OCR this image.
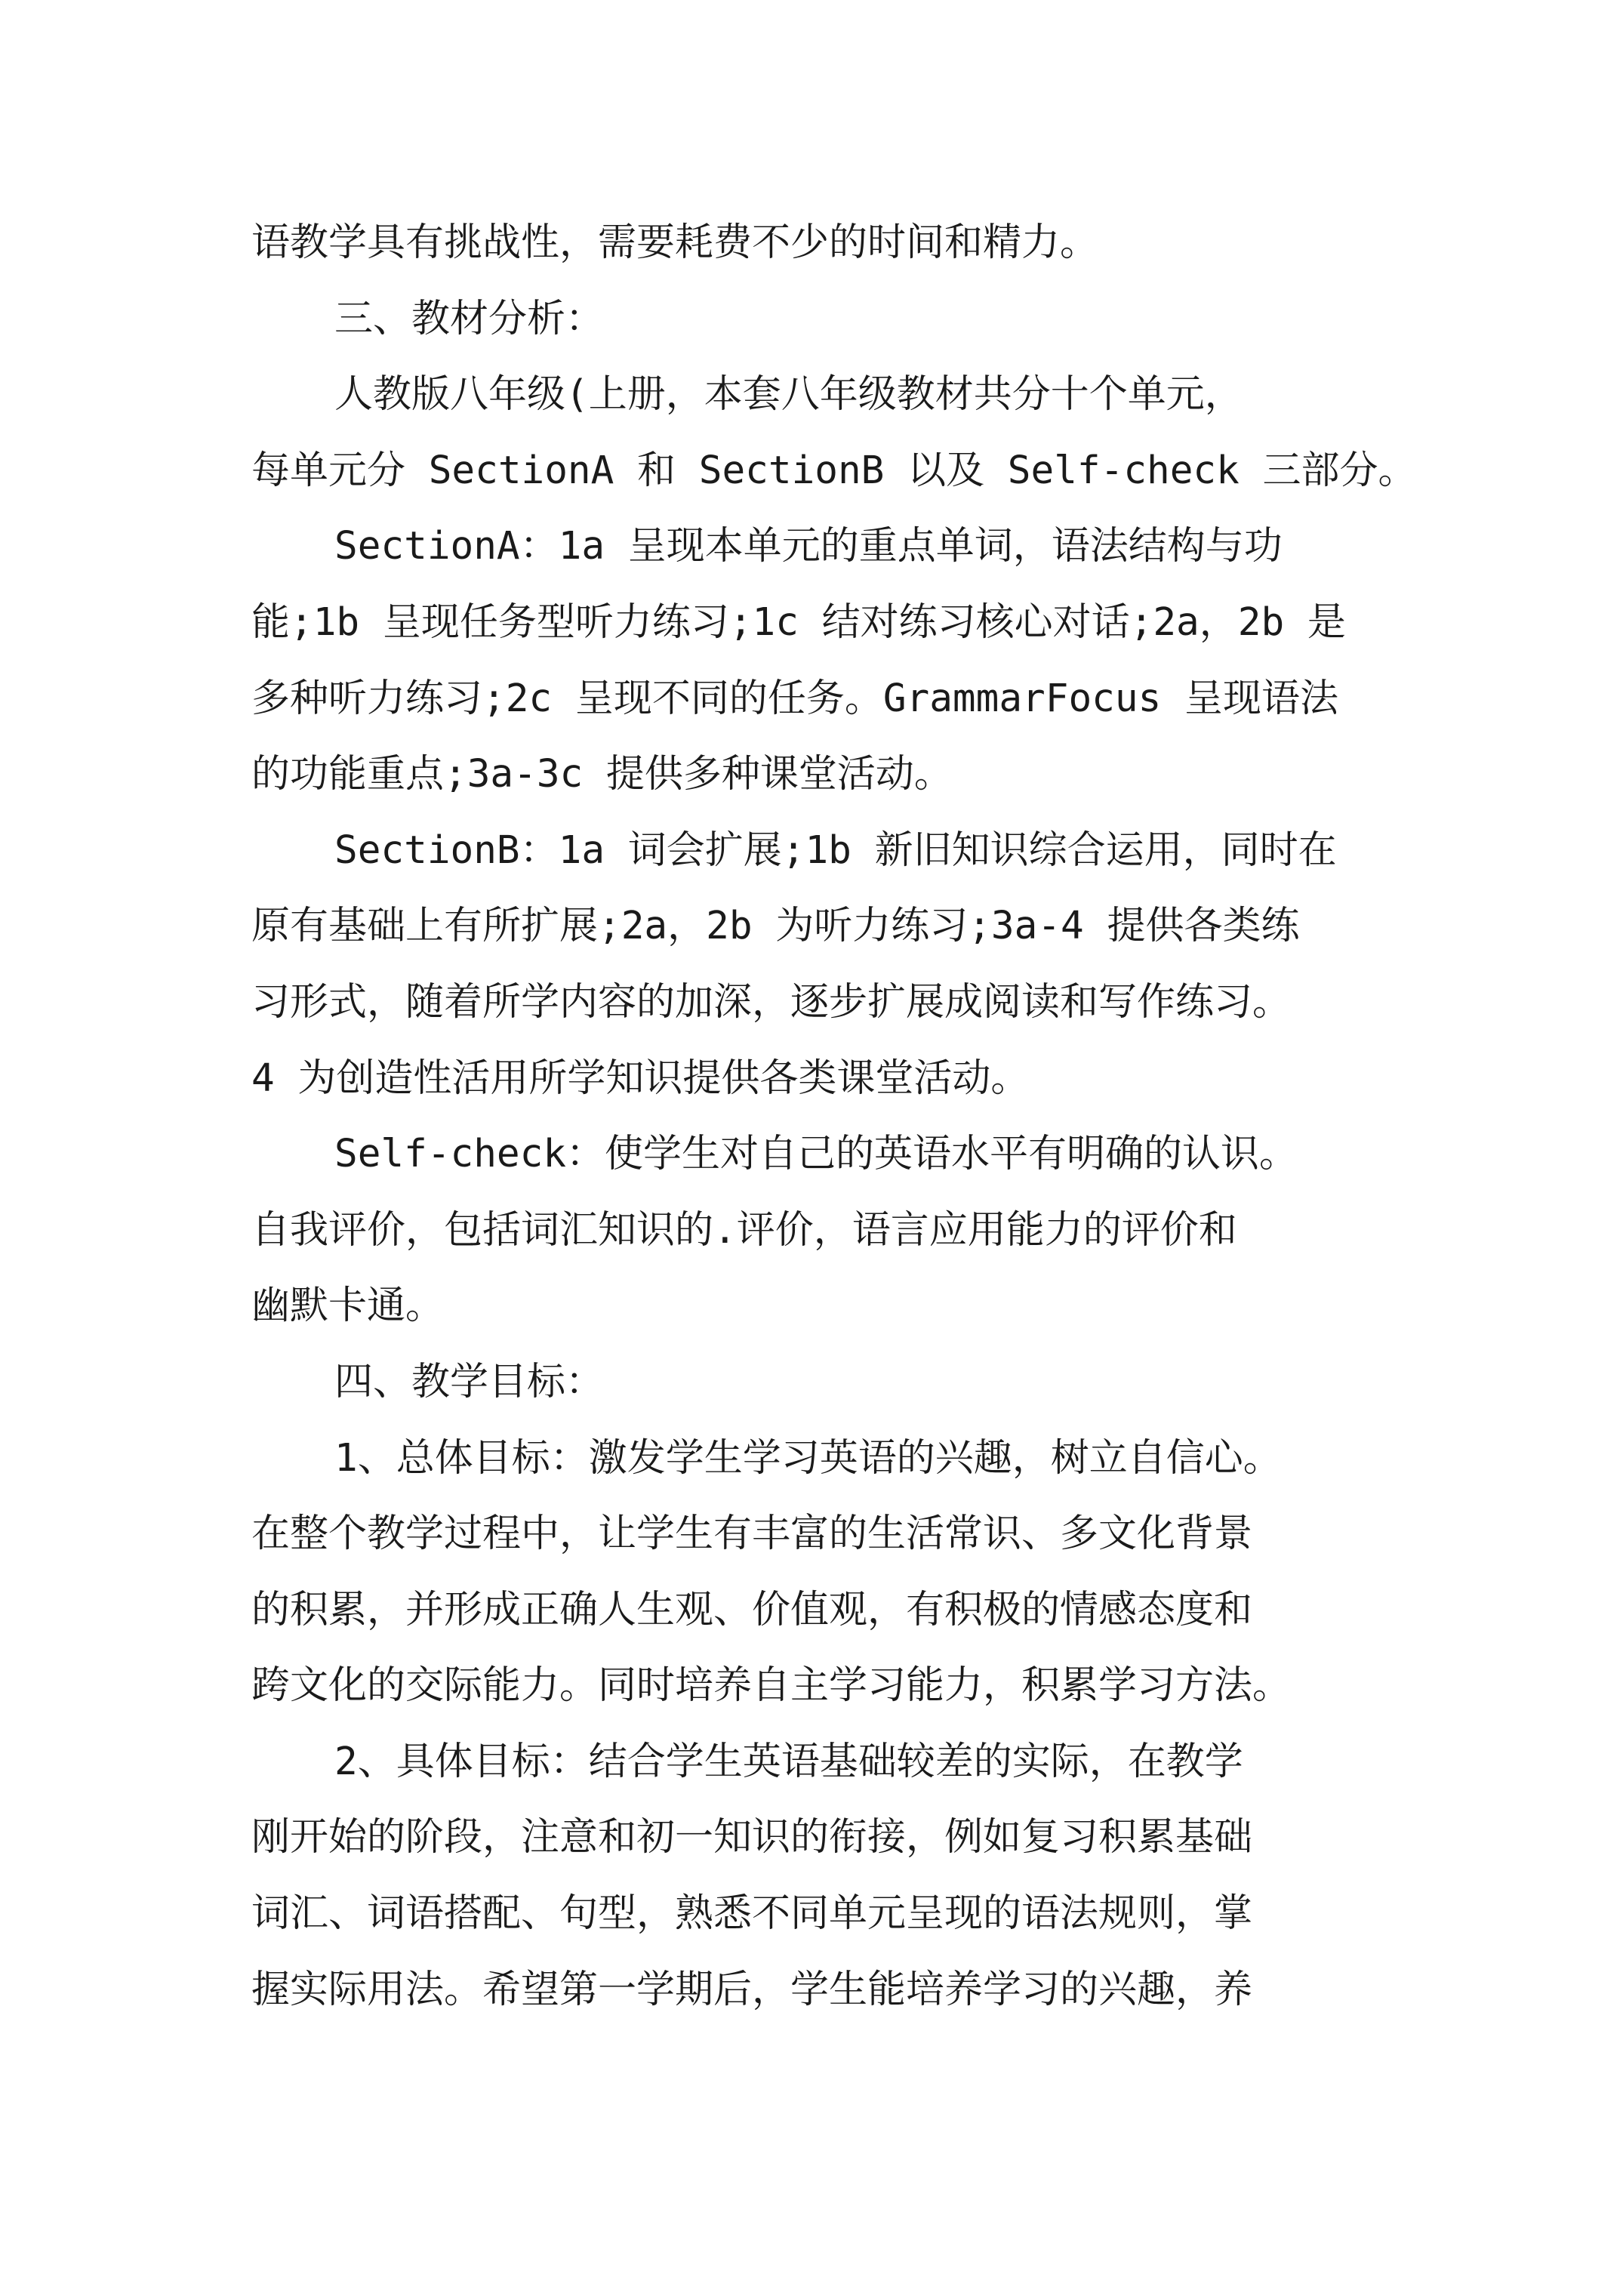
语教学具有挑战性，需要耗费不少的时间和精力。
三、教材分析：
人教版八年级(上册，本套八年级教材共分十个单元，
每单元分 SectionA 和 SectionB 以及 Self-check 三部分。
SectionA：1a 呈现本单元的重点单词，语法结构与功
能;1b 呈现任务型听力练习;1c 结对练习核心对话;2a，2b 是
多种听力练习;2c 呈现不同的任务。GrammarFocus 呈现语法
的功能重点;3a-3c 提供多种课堂活动。
SectionB：1a 词会扩展;1b 新旧知识综合运用，同时在
原有基础上有所扩展;2a，2b 为听力练习;3a-4 提供各类练
习形式，随着所学内容的加深，逐步扩展成阅读和写作练习。
4 为创造性活用所学知识提供各类课堂活动。
Self-check：使学生对自己的英语水平有明确的认识。
自我评价，包括词汇知识的.评价，语言应用能力的评价和
幽默卡通。
四、教学目标：
1、总体目标：激发学生学习英语的兴趣，树立自信心。
在整个教学过程中，让学生有丰富的生活常识、多文化背景
的积累，并形成正确人生观、价值观，有积极的情感态度和
跨文化的交际能力。同时培养自主学习能力，积累学习方法。
2、具体目标：结合学生英语基础较差的实际，在教学
刚开始的阶段，注意和初一知识的衔接，例如复习积累基础
词汇、词语搭配、句型，熟悉不同单元呈现的语法规则，掌
握实际用法。希望第一学期后，学生能培养学习的兴趣，养
